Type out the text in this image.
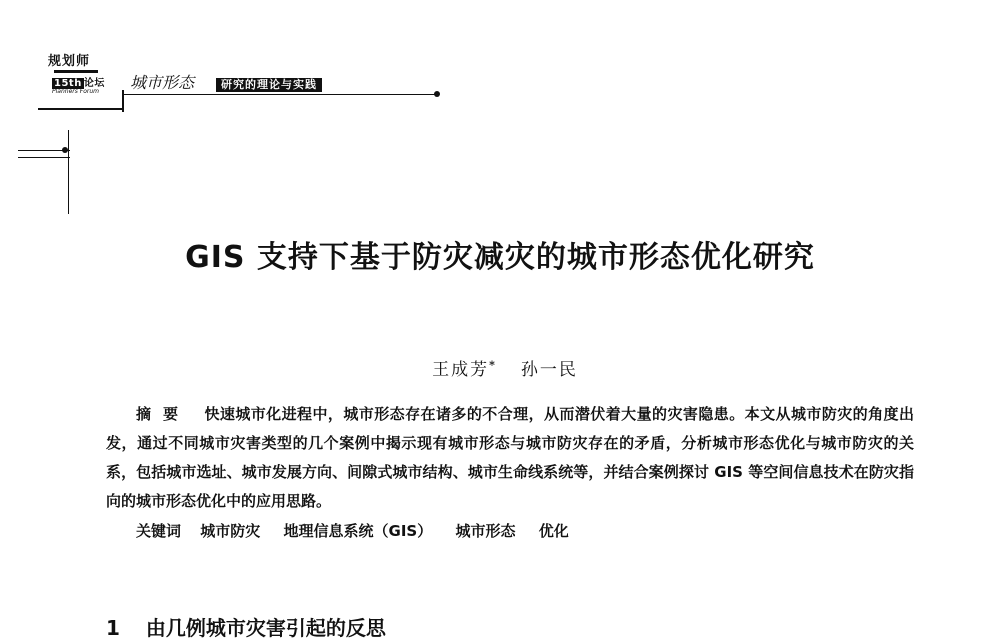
规划师
15th 论坛
Planners Forum 城市形态	研究的理论与实践
GIS 支持下基于防灾减灾的城市形态优化研究
王成芳* 孙一民
摘要 快速城市化进程中，城市形态存在诸多的不合理，从而潜伏着大量的灾害隐患。本文从城市防灾的角度出发，通过不同城市灾害类型的几个案例中揭示现有城市形态与城市防灾存在的矛盾，分析城市形态优化与城市防灾的关系，包括城市选址、城市发展方向、间隙式城市结构、城市生命线系统等，并结合案例探讨 GIS 等空间信息技术在防灾指向的城市形态优化中的应用思路。
关键词 城市防灾 地理信息系统（GIS） 城市形态 优化
1 由几例城市灾害引起的反思
